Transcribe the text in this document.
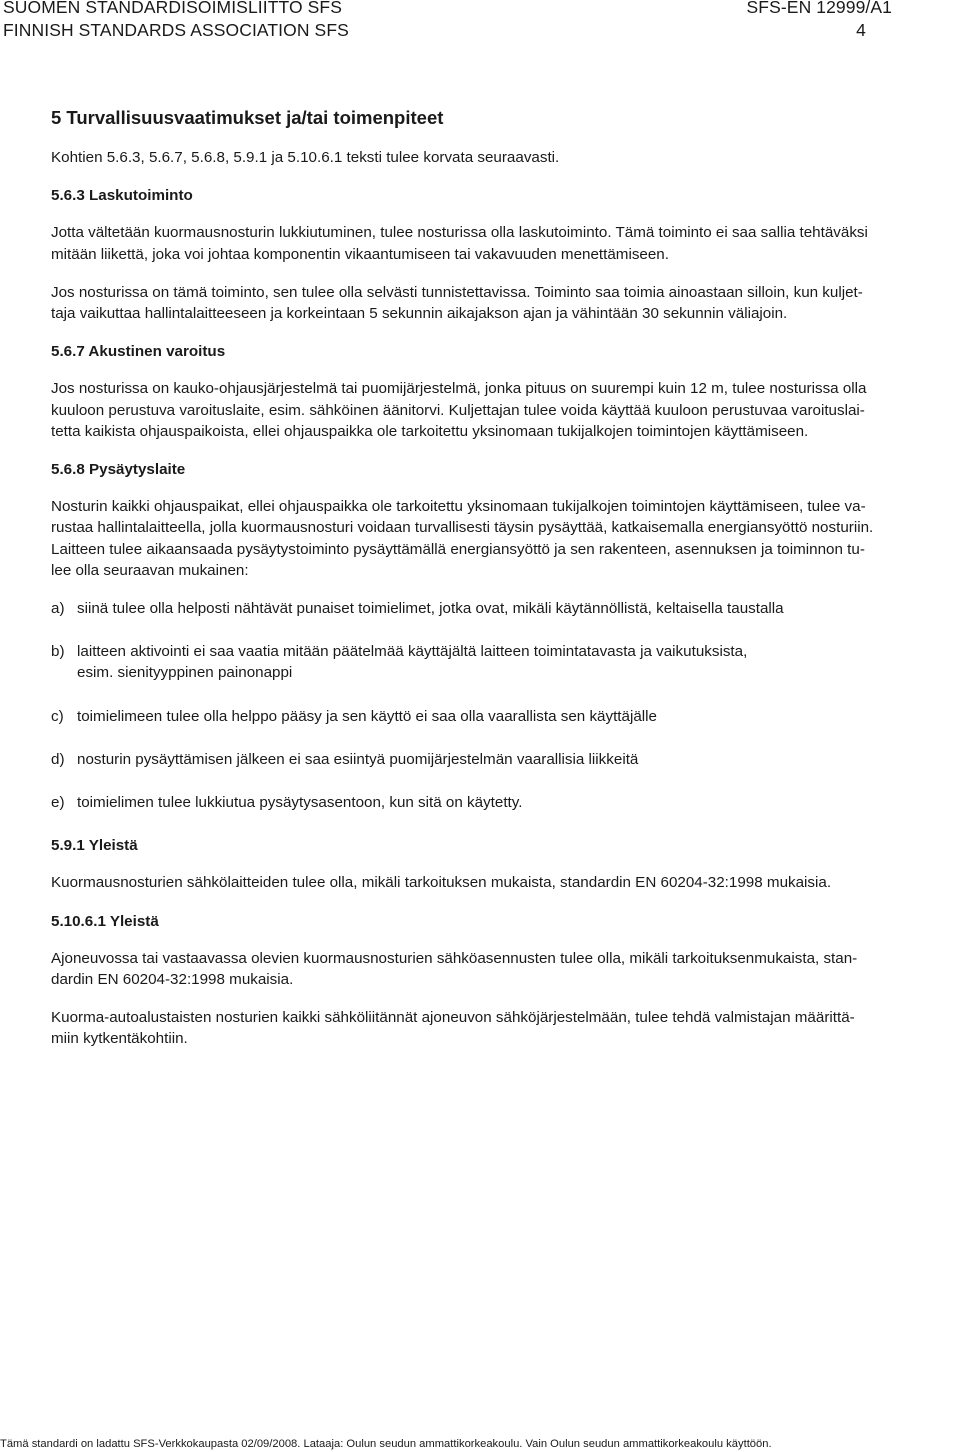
SUOMEN STANDARDISOIMISLIITTO SFS	SFS-EN 12999/A1
FINNISH STANDARDS ASSOCIATION SFS	4
5 Turvallisuusvaatimukset ja/tai toimenpiteet
Kohtien 5.6.3, 5.6.7, 5.6.8, 5.9.1 ja 5.10.6.1 teksti tulee korvata seuraavasti.
5.6.3 Laskutoiminto
Jotta vältetään kuormausnosturin lukkiutuminen, tulee nosturissa olla laskutoiminto. Tämä toiminto ei saa sallia tehtäväksi
mitään liikettä, joka voi johtaa komponentin vikaantumiseen tai vakavuuden menettämiseen.
Jos nosturissa on tämä toiminto, sen tulee olla selvästi tunnistettavissa. Toiminto saa toimia ainoastaan silloin, kun kuljet-
taja vaikuttaa hallintalaitteeseen ja korkeintaan 5 sekunnin aikajakson ajan ja vähintään 30 sekunnin väliajoin.
5.6.7 Akustinen varoitus
Jos nosturissa on kauko-ohjausjärjestelmä tai puomijärjestelmä, jonka pituus on suurempi kuin 12 m, tulee nosturissa olla
kuuloon perustuva varoituslaite, esim. sähköinen äänitorvi. Kuljettajan tulee voida käyttää kuuloon perustuvaa varoituslai-
tetta kaikista ohjauspaikoista, ellei ohjauspaikka ole tarkoitettu yksinomaan tukijalkojen toimintojen käyttämiseen.
5.6.8 Pysäytyslaite
Nosturin kaikki ohjauspaikat, ellei ohjauspaikka ole tarkoitettu yksinomaan tukijalkojen toimintojen käyttämiseen, tulee va-
rustaa hallintalaitteella, jolla kuormausnosturi voidaan turvallisesti täysin pysäyttää, katkaisemalla energiansyöttö nosturiin.
Laitteen tulee aikaansaada pysäytystoiminto pysäyttämällä energiansyöttö ja sen rakenteen, asennuksen ja toiminnon tu-
lee olla seuraavan mukainen:
a) siinä tulee olla helposti nähtävät punaiset toimielimet, jotka ovat, mikäli käytännöllistä, keltaisella taustalla
b) laitteen aktivointi ei saa vaatia mitään päätelmää käyttäjältä laitteen toimintatavasta ja vaikutuksista,
esim. sienityyppinen painonappi
c) toimielimeen tulee olla helppo pääsy ja sen käyttö ei saa olla vaarallista sen käyttäjälle
d) nosturin pysäyttämisen jälkeen ei saa esiintyä puomijärjestelmän vaarallisia liikkeitä
e) toimielimen tulee lukkiutua pysäytysasentoon, kun sitä on käytetty.
5.9.1 Yleistä
Kuormausnosturien sähkölaitteiden tulee olla, mikäli tarkoituksen mukaista, standardin EN 60204-32:1998 mukaisia.
5.10.6.1 Yleistä
Ajoneuvossa tai vastaavassa olevien kuormausnosturien sähköasennusten tulee olla, mikäli tarkoituksenmukaista, stan-
dardin EN 60204-32:1998 mukaisia.
Kuorma-autoalustaisten nosturien kaikki sähköliitännät ajoneuvon sähköjärjestelmään, tulee tehdä valmistajan määrittä-
miin kytkentäkohtiin.
Tämä standardi on ladattu SFS-Verkkokaupasta 02/09/2008. Lataaja: Oulun seudun ammattikorkeakoulu. Vain Oulun seudun ammattikorkeakoulu käyttöön.
